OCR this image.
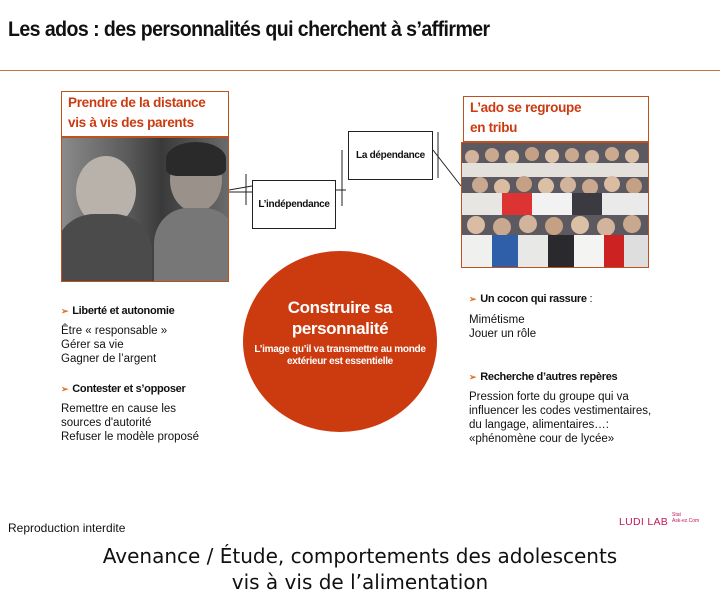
Les ados : des personnalités qui cherchent à s’affirmer
Prendre de la distance
vis à vis des parents
➢ Liberté et autonomie
Être « responsable »
Gérer sa vie
Gagner de l’argent
➢ Contester et s’opposer
Remettre en cause les
sources d'autorité
Refuser le modèle proposé
La dépendance
L’indépendance
Construire sa
personnalité
L’image qu’il va transmettre au monde extérieur est essentielle
L’ado se regroupe
en tribu
➢ Un cocon qui rassure :
Mimétisme
Jouer un rôle
➢ Recherche d’autres repères
Pression forte du groupe qui va
influencer les codes vestimentaires,
du langage, alimentaires…:
«phénomène cour de lycée»
Reproduction interdite	LUDI LAB
Stat
Ask-ez.Com
Avenance / Étude, comportements des adolescents
vis à vis de l’alimentation
